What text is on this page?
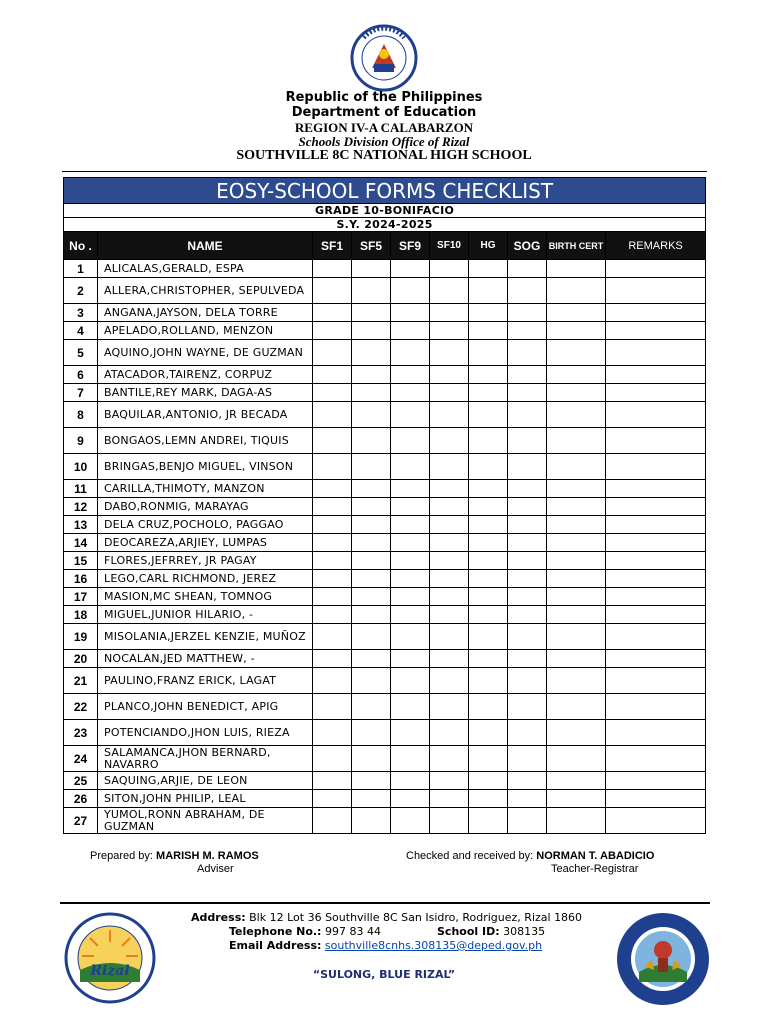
Republic of the Philippines
Department of Education
REGION IV-A CALABARZON
Schools Division Office of Rizal
SOUTHVILLE 8C NATIONAL HIGH SCHOOL
EOSY-SCHOOL FORMS CHECKLIST									
GRADE 10-BONIFACIO									
S.Y. 2024-2025									
No .	NAME	SF1	SF5	SF9	SF10	HG	SOG	BIRTH CERT	REMARKS
1	ALICALAS,GERALD, ESPA								
2	ALLERA,CHRISTOPHER, SEPULVEDA								
3	ANGANA,JAYSON, DELA TORRE								
4	APELADO,ROLLAND, MENZON								
5	AQUINO,JOHN WAYNE, DE GUZMAN								
6	ATACADOR,TAIRENZ, CORPUZ								
7	BANTILE,REY MARK, DAGA-AS								
8	BAQUILAR,ANTONIO, JR BECADA								
9	BONGAOS,LEMN ANDREI, TIQUIS								
10	BRINGAS,BENJO MIGUEL, VINSON								
11	CARILLA,THIMOTY, MANZON								
12	DABO,RONMIG, MARAYAG								
13	DELA CRUZ,POCHOLO, PAGGAO								
14	DEOCAREZA,ARJIEY, LUMPAS								
15	FLORES,JEFRREY, JR PAGAY								
16	LEGO,CARL RICHMOND, JEREZ								
17	MASION,MC SHEAN, TOMNOG								
18	MIGUEL,JUNIOR HILARIO, -								
19	MISOLANIA,JERZEL KENZIE, MUÑOZ								
20	NOCALAN,JED MATTHEW, -								
21	PAULINO,FRANZ ERICK, LAGAT								
22	PLANCO,JOHN BENEDICT, APIG								
23	POTENCIANDO,JHON LUIS, RIEZA								
24	SALAMANCA,JHON BERNARD, NAVARRO								
25	SAQUING,ARJIE, DE LEON								
26	SITON,JOHN PHILIP, LEAL								
27	YUMOL,RONN ABRAHAM, DE GUZMAN								
Prepared by: MARISH M. RAMOS
Adviser
Checked and received by: NORMAN T. ABADICIO
Teacher-Registrar
Rizal
Address: Blk 12 Lot 36 Southville 8C San Isidro, Rodriguez, Rizal 1860
Telephone No.: 997 83 44	School ID: 308135
Email Address: southville8cnhs.308135@deped.gov.ph
“SULONG, BLUE RIZAL”
